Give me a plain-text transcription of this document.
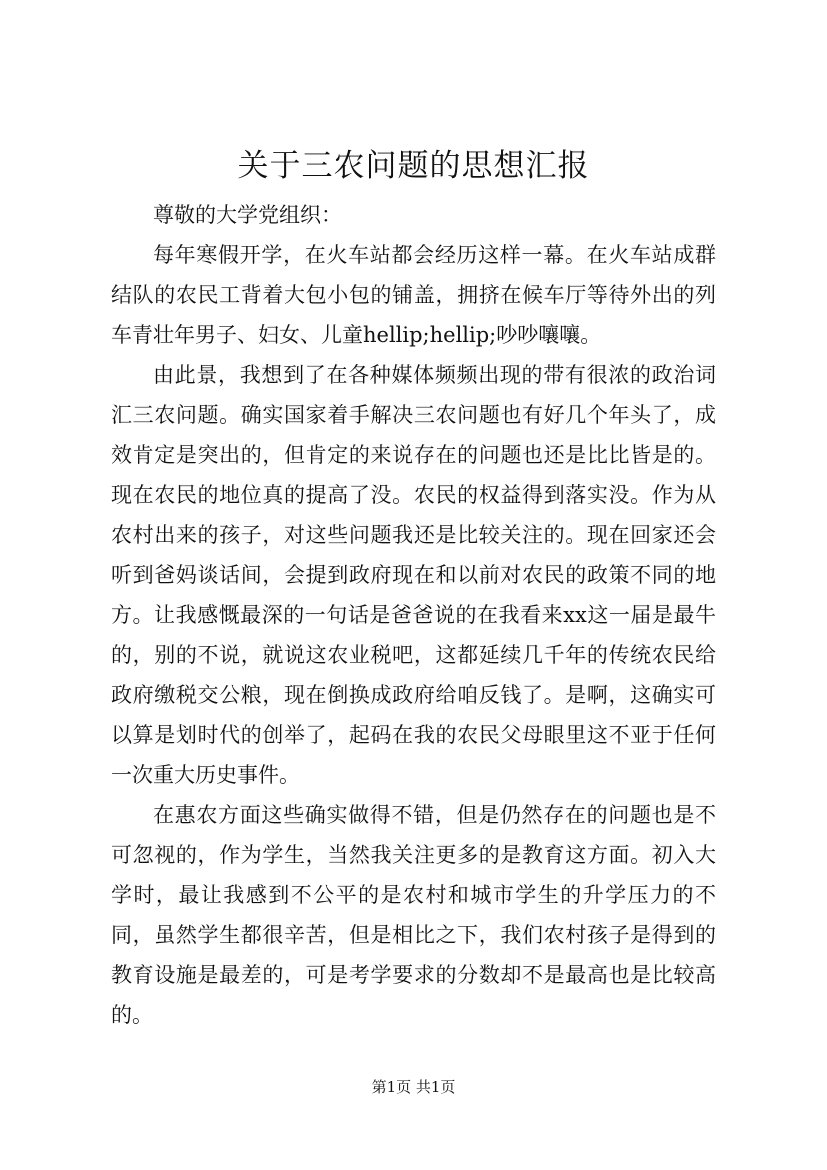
关于三农问题的思想汇报

尊敬的大学党组织：

每年寒假开学，在火车站都会经历这样一幕。在火车站成群结队的农民工背着大包小包的铺盖，拥挤在候车厅等待外出的列车青壮年男子、妇女、儿童hellip;hellip;吵吵嚷嚷。

由此景，我想到了在各种媒体频频出现的带有很浓的政治词汇三农问题。确实国家着手解决三农问题也有好几个年头了，成效肯定是突出的，但肯定的来说存在的问题也还是比比皆是的。现在农民的地位真的提高了没。农民的权益得到落实没。作为从农村出来的孩子，对这些问题我还是比较关注的。现在回家还会听到爸妈谈话间，会提到政府现在和以前对农民的政策不同的地方。让我感慨最深的一句话是爸爸说的在我看来xx这一届是最牛的，别的不说，就说这农业税吧，这都延续几千年的传统农民给政府缴税交公粮，现在倒换成政府给咱反钱了。是啊，这确实可以算是划时代的创举了，起码在我的农民父母眼里这不亚于任何一次重大历史事件。

在惠农方面这些确实做得不错，但是仍然存在的问题也是不可忽视的，作为学生，当然我关注更多的是教育这方面。初入大学时，最让我感到不公平的是农村和城市学生的升学压力的不同，虽然学生都很辛苦，但是相比之下，我们农村孩子是得到的教育设施是最差的，可是考学要求的分数却不是最高也是比较高的。

第1页 共1页
